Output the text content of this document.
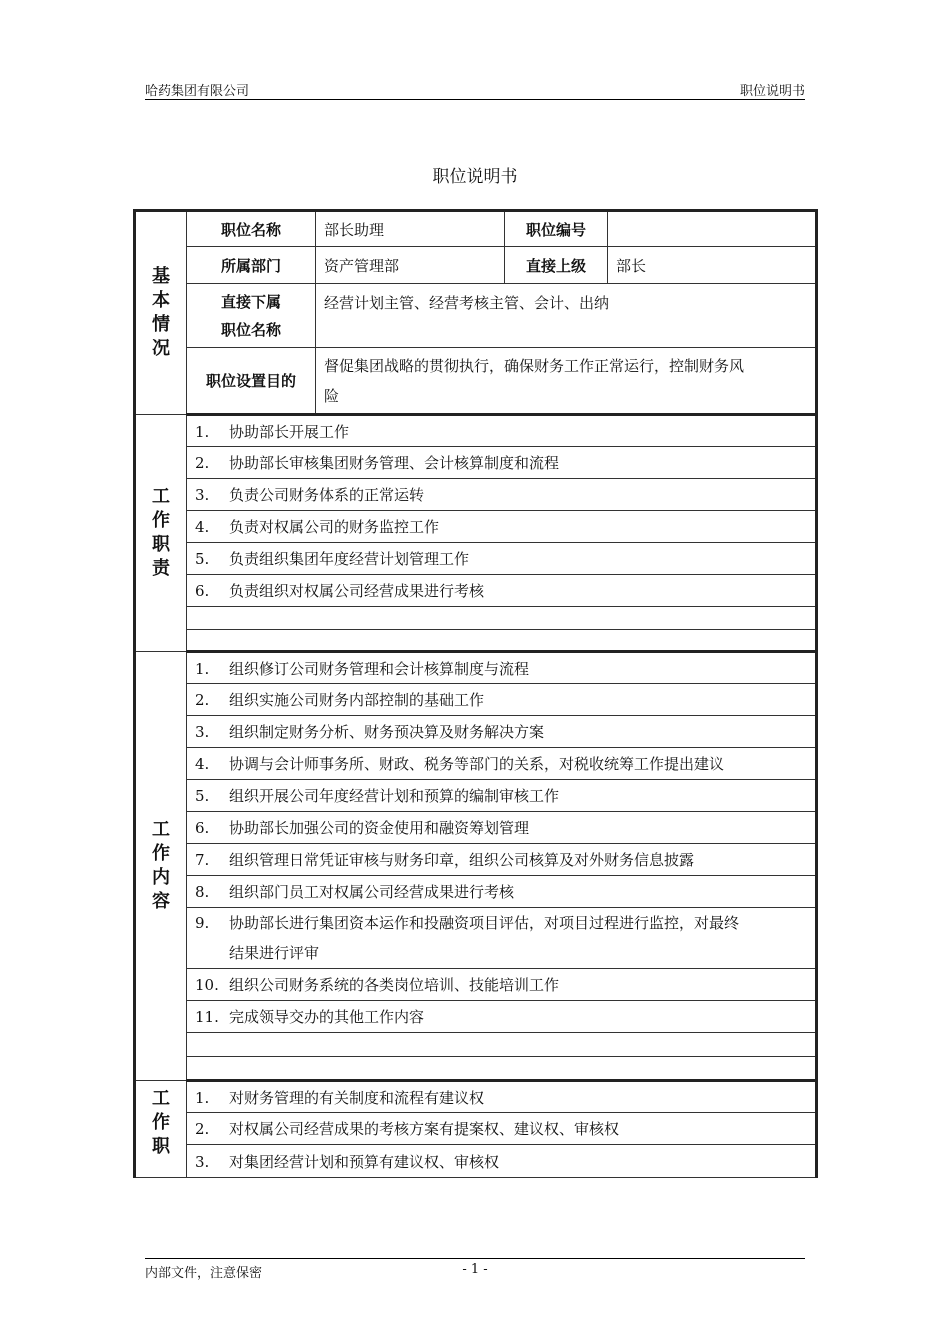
哈药集团有限公司	职位说明书
职位说明书
基
本
情
况	职位名称	部长助理	职位编号	
	所属部门	资产管理部	直接上级	部长
	直接下属
职位名称	经营计划主管、经营考核主管、会计、出纳		
	职位设置目的	督促集团战略的贯彻执行，确保财务工作正常运行，控制财务风
险		
工
作
职
责	1. 协助部长开展工作			
	2. 协助部长审核集团财务管理、会计核算制度和流程			
	3. 负责公司财务体系的正常运转			
	4. 负责对权属公司的财务监控工作			
	5. 负责组织集团年度经营计划管理工作			
	6. 负责组织对权属公司经营成果进行考核			

工
作
内
容	1. 组织修订公司财务管理和会计核算制度与流程			
	2. 组织实施公司财务内部控制的基础工作			
	3. 组织制定财务分析、财务预决算及财务解决方案			
	4. 协调与会计师事务所、财政、税务等部门的关系，对税收统筹工作提出建议			
	5. 组织开展公司年度经营计划和预算的编制审核工作			
	6. 协助部长加强公司的资金使用和融资筹划管理			
	7. 组织管理日常凭证审核与财务印章，组织公司核算及对外财务信息披露			
	8. 组织部门员工对权属公司经营成果进行考核			
	9. 协助部长进行集团资本运作和投融资项目评估，对项目过程进行监控，对最终
结果进行评审			
	10. 组织公司财务系统的各类岗位培训、技能培训工作			
	11. 完成领导交办的其他工作内容			

工
作
职	1. 对财务管理的有关制度和流程有建议权			
	2. 对权属公司经营成果的考核方案有提案权、建议权、审核权			
	3. 对集团经营计划和预算有建议权、审核权			
内部文件，注意保密	- 1 -
